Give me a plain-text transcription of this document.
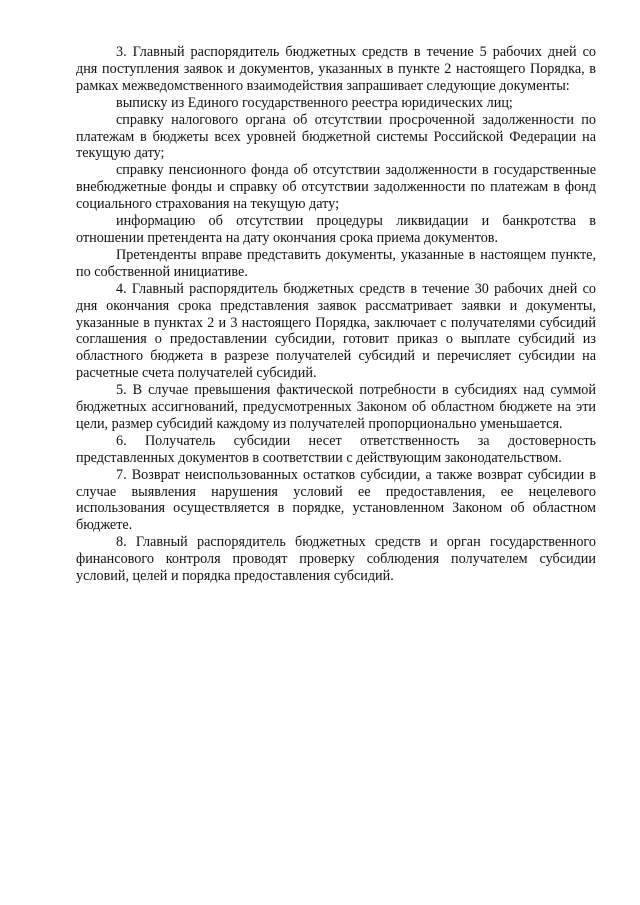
3. Главный распорядитель бюджетных средств в течение 5 рабочих дней со дня поступления заявок и документов, указанных в пункте 2 настоящего Порядка, в рамках межведомственного взаимодействия запрашивает следующие документы:

выписку из Единого государственного реестра юридических лиц;

справку налогового органа об отсутствии просроченной задолженности по платежам в бюджеты всех уровней бюджетной системы Российской Федерации на текущую дату;

справку пенсионного фонда об отсутствии задолженности в государственные внебюджетные фонды и справку об отсутствии задолженности по платежам в фонд социального страхования на текущую дату;

информацию об отсутствии процедуры ликвидации и банкротства в отношении претендента на дату окончания срока приема документов.

Претенденты вправе представить документы, указанные в настоящем пункте, по собственной инициативе.

4. Главный распорядитель бюджетных средств в течение 30 рабочих дней со дня окончания срока представления заявок рассматривает заявки и документы, указанные в пунктах 2 и 3 настоящего Порядка, заключает с получателями субсидий соглашения о предоставлении субсидии, готовит приказ о выплате субсидий из областного бюджета в разрезе получателей субсидий и перечисляет субсидии на расчетные счета получателей субсидий.

5. В случае превышения фактической потребности в субсидиях над суммой бюджетных ассигнований, предусмотренных Законом об областном бюджете на эти цели, размер субсидий каждому из получателей пропорционально уменьшается.

6. Получатель субсидии несет ответственность за достоверность представленных документов в соответствии с действующим законодательством.

7. Возврат неиспользованных остатков субсидии, а также возврат субсидии в случае выявления нарушения условий ее предоставления, ее нецелевого использования осуществляется в порядке, установленном Законом об областном бюджете.

8. Главный распорядитель бюджетных средств и орган государственного финансового контроля проводят проверку соблюдения получателем субсидии условий, целей и порядка предоставления субсидий.
